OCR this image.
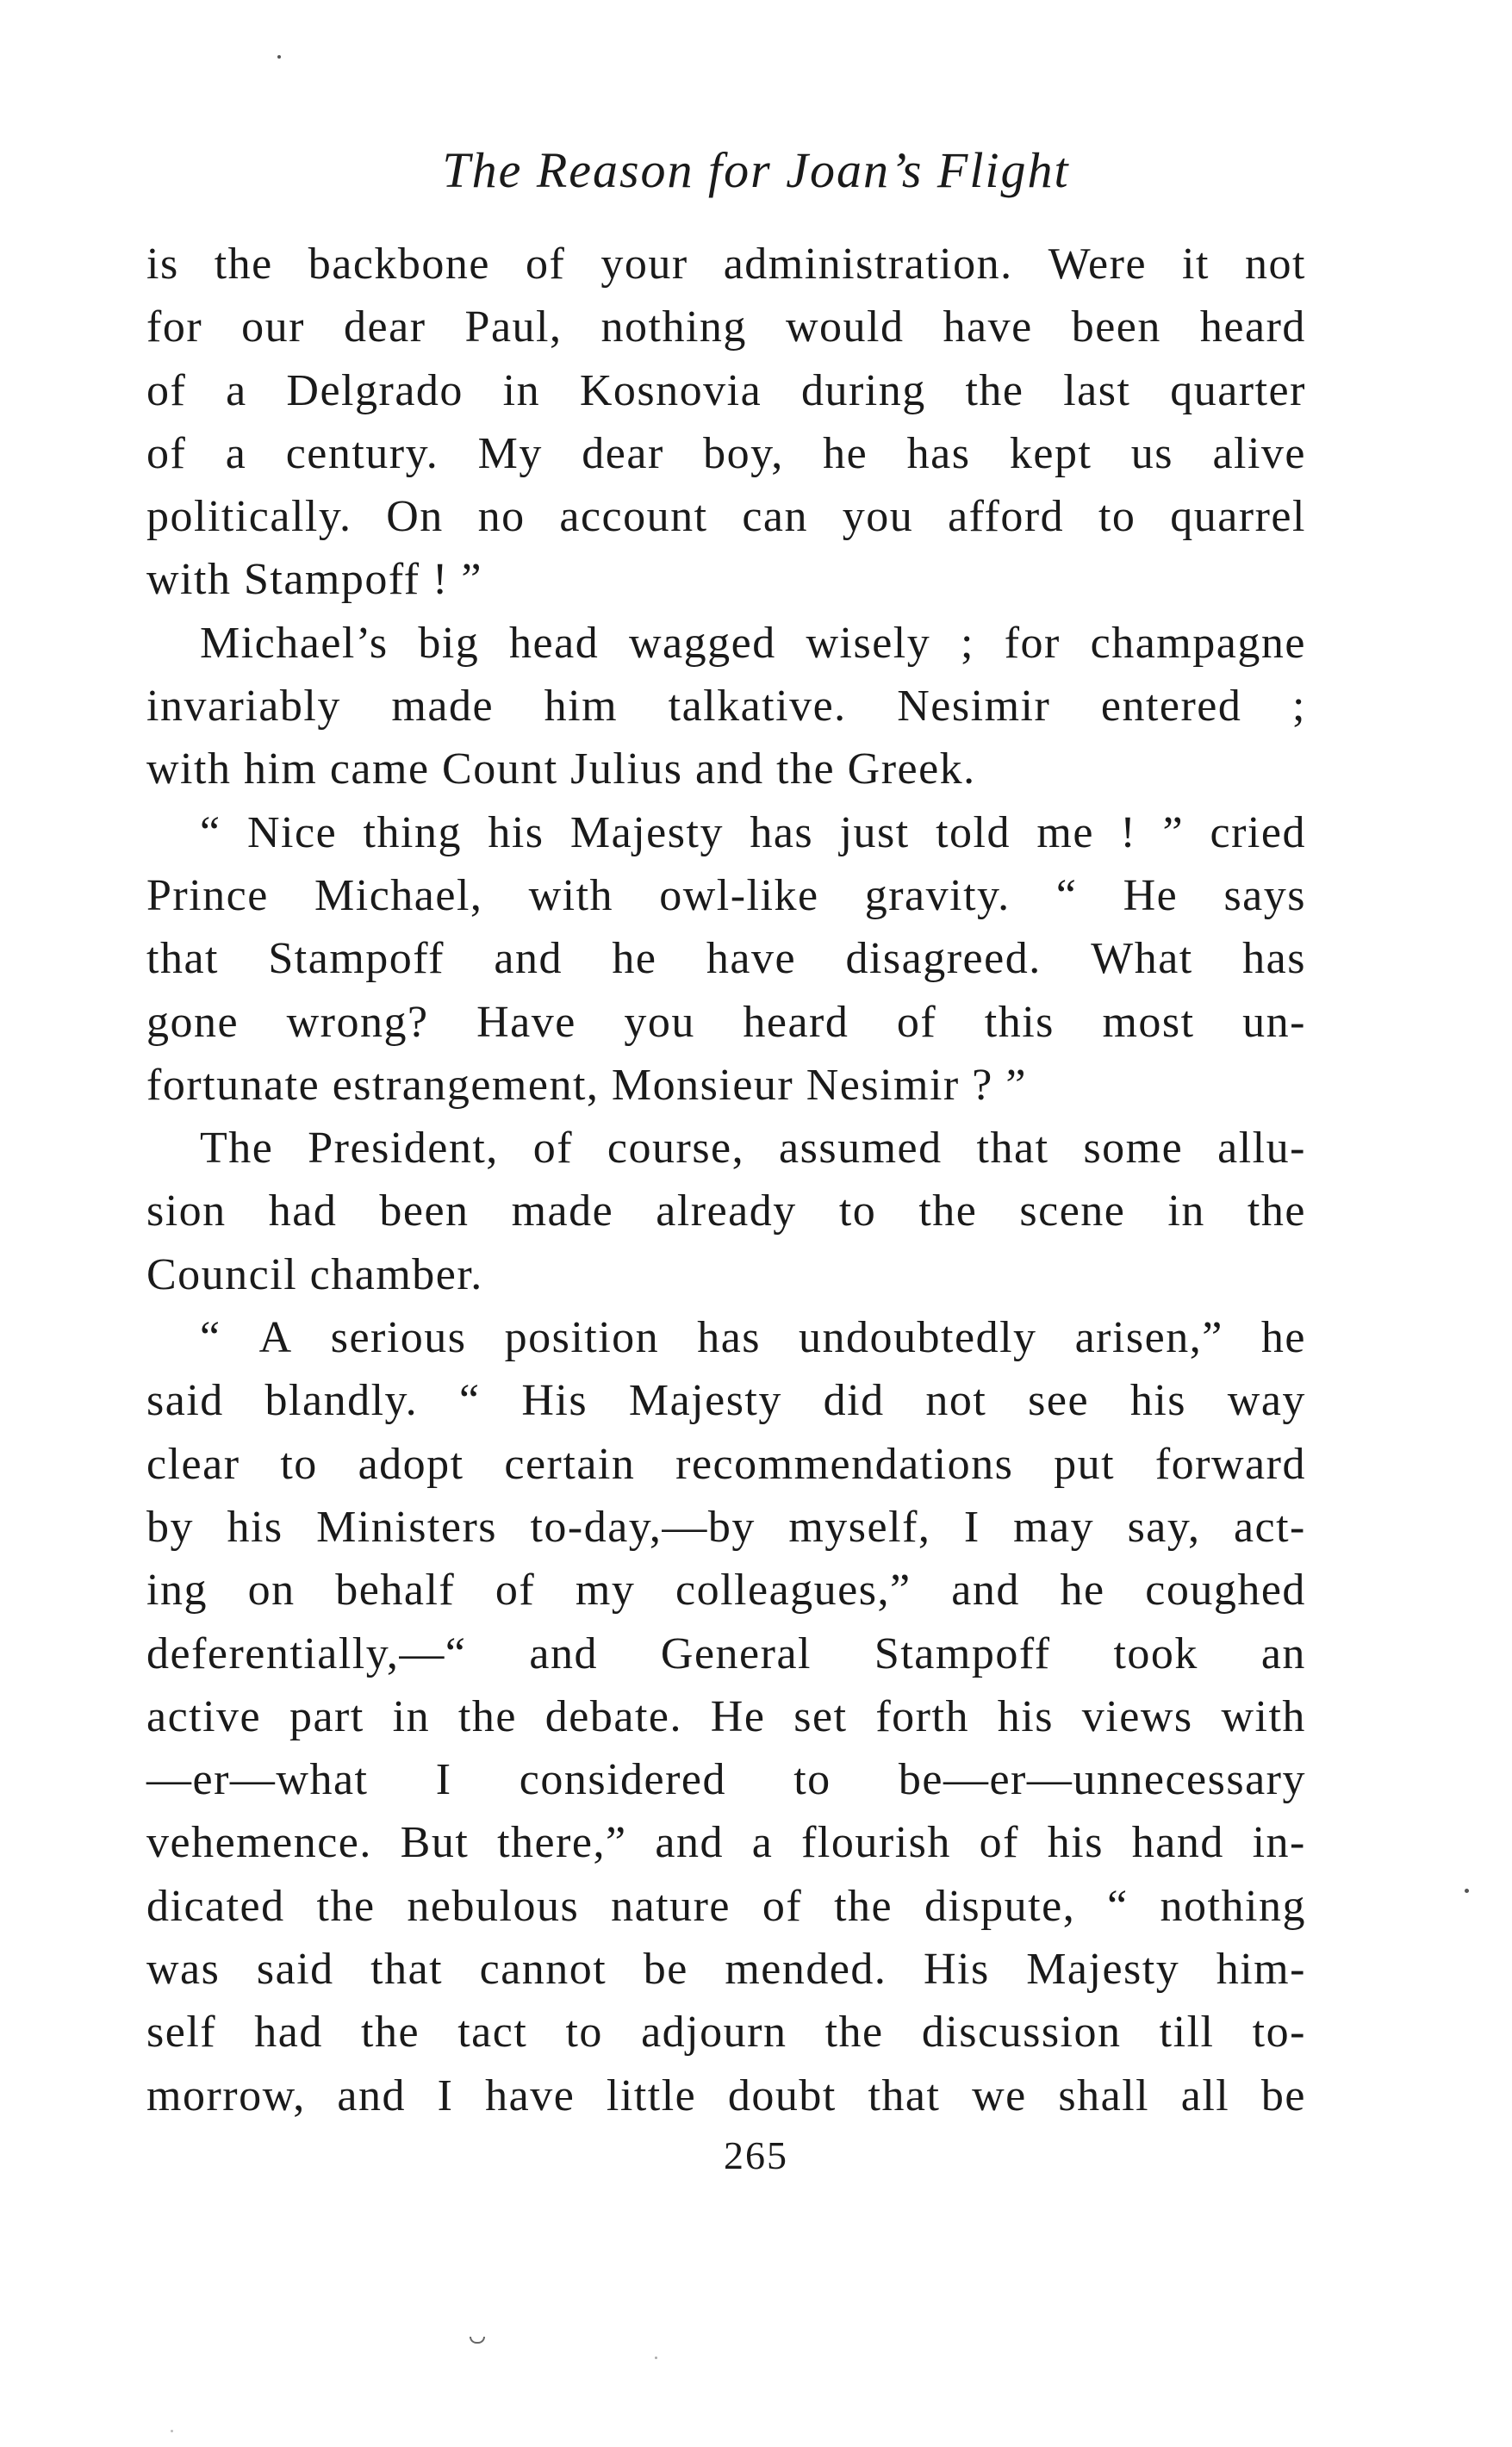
The Reason for Joan’s Flight
is the backbone of your administration. Were it not
for our dear Paul, nothing would have been heard
of a Delgrado in Kosnovia during the last quarter
of a century. My dear boy, he has kept us alive
politically. On no account can you afford to quarrel
with Stampoff ! ”
Michael’s big head wagged wisely ; for champagne
invariably made him talkative. Nesimir entered ;
with him came Count Julius and the Greek.
“ Nice thing his Majesty has just told me ! ” cried
Prince Michael, with owl-like gravity. “ He says
that Stampoff and he have disagreed. What has
gone wrong? Have you heard of this most un-
fortunate estrangement, Monsieur Nesimir ? ”
The President, of course, assumed that some allu-
sion had been made already to the scene in the
Council chamber.
“ A serious position has undoubtedly arisen,” he
said blandly. “ His Majesty did not see his way
clear to adopt certain recommendations put forward
by his Ministers to-day,—by myself, I may say, act-
ing on behalf of my colleagues,” and he coughed
deferentially,—“ and General Stampoff took an
active part in the debate. He set forth his views with
—er—what I considered to be—er—unnecessary
vehemence. But there,” and a flourish of his hand in-
dicated the nebulous nature of the dispute, “ nothing
was said that cannot be mended. His Majesty him-
self had the tact to adjourn the discussion till to-
morrow, and I have little doubt that we shall all be
265
